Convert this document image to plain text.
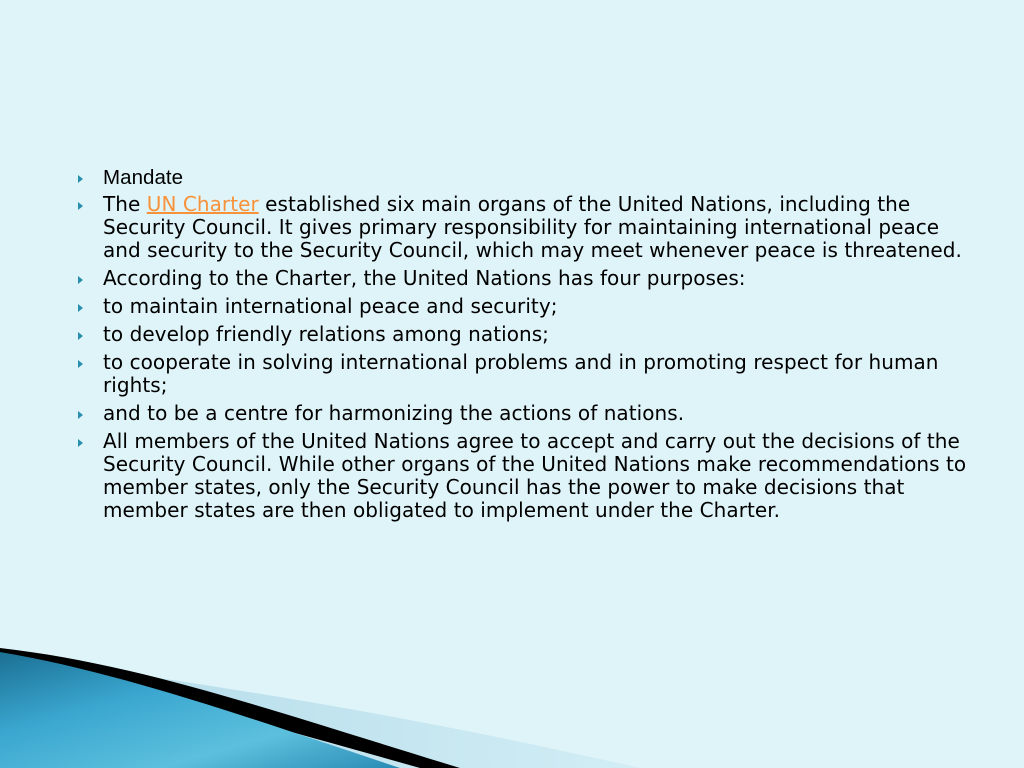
Mandate
The UN Charter established six main organs of the United Nations, including the Security Council. It gives primary responsibility for maintaining international peace and security to the Security Council, which may meet whenever peace is threatened.
According to the Charter, the United Nations has four purposes:
to maintain international peace and security;
to develop friendly relations among nations;
to cooperate in solving international problems and in promoting respect for human rights;
and to be a centre for harmonizing the actions of nations.
All members of the United Nations agree to accept and carry out the decisions of the Security Council. While other organs of the United Nations make recommendations to member states, only the Security Council has the power to make decisions that member states are then obligated to implement under the Charter.
